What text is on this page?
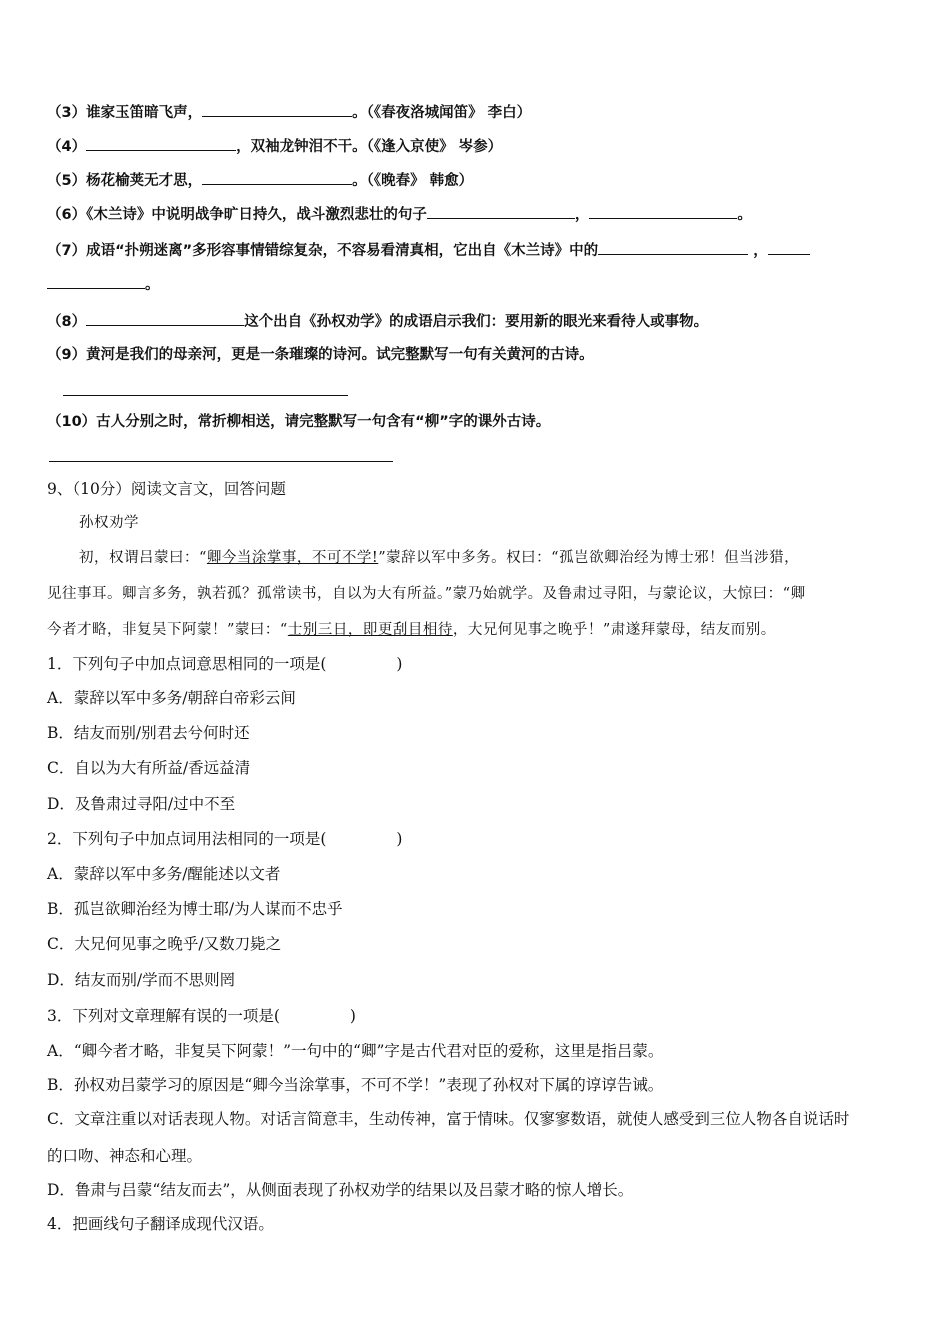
（3）谁家玉笛暗飞声，	。（《春夜洛城闻笛》 李白）
（4）	，双袖龙钟泪不干。（《逢入京使》 岑参）
（5）杨花榆荚无才思，	。（《晚春》 韩愈）
（6）《木兰诗》中说明战争旷日持久，战斗激烈悲壮的句子	，	。
（7）成语“扑朔迷离”多形容事情错综复杂，不容易看清真相，它出自《木兰诗》中的	，
。
（8）	这个出自《孙权劝学》的成语启示我们：要用新的眼光来看待人或事物。
（9）黄河是我们的母亲河，更是一条璀璨的诗河。试完整默写一句有关黄河的古诗。
（10）古人分别之时，常折柳相送，请完整默写一句含有“柳”字的课外古诗。
9、（10分）阅读文言文，回答问题
孙权劝学
初，权谓吕蒙曰：“卿今当涂掌事，不可不学!”蒙辞以军中多务。权曰：“孤岂欲卿治经为博士邪！但当涉猎，
见往事耳。卿言多务，孰若孤？孤常读书，自以为大有所益。”蒙乃始就学。及鲁肃过寻阳，与蒙论议，大惊曰：“卿
今者才略，非复吴下阿蒙！”蒙曰：“士别三日，即更刮目相待，大兄何见事之晚乎！”肃遂拜蒙母，结友而别。
1．下列句子中加点词意思相同的一项是(	)
A．蒙辞以军中多务/朝辞白帝彩云间
B．结友而别/别君去兮何时还
C．自以为大有所益/香远益清
D．及鲁肃过寻阳/过中不至
2．下列句子中加点词用法相同的一项是(	)
A．蒙辞以军中多务/醒能述以文者
B．孤岂欲卿治经为博士耶/为人谋而不忠乎
C．大兄何见事之晚乎/又数刀毙之
D．结友而别/学而不思则罔
3．下列对文章理解有误的一项是(	)
A．“卿今者才略，非复吴下阿蒙！”一句中的“卿”字是古代君对臣的爱称，这里是指吕蒙。
B．孙权劝吕蒙学习的原因是“卿今当涂掌事，不可不学！”表现了孙权对下属的谆谆告诫。
C．文章注重以对话表现人物。对话言简意丰，生动传神，富于情味。仅寥寥数语，就使人感受到三位人物各自说话时
的口吻、神态和心理。
D．鲁肃与吕蒙“结友而去”，从侧面表现了孙权劝学的结果以及吕蒙才略的惊人增长。
4．把画线句子翻译成现代汉语。
